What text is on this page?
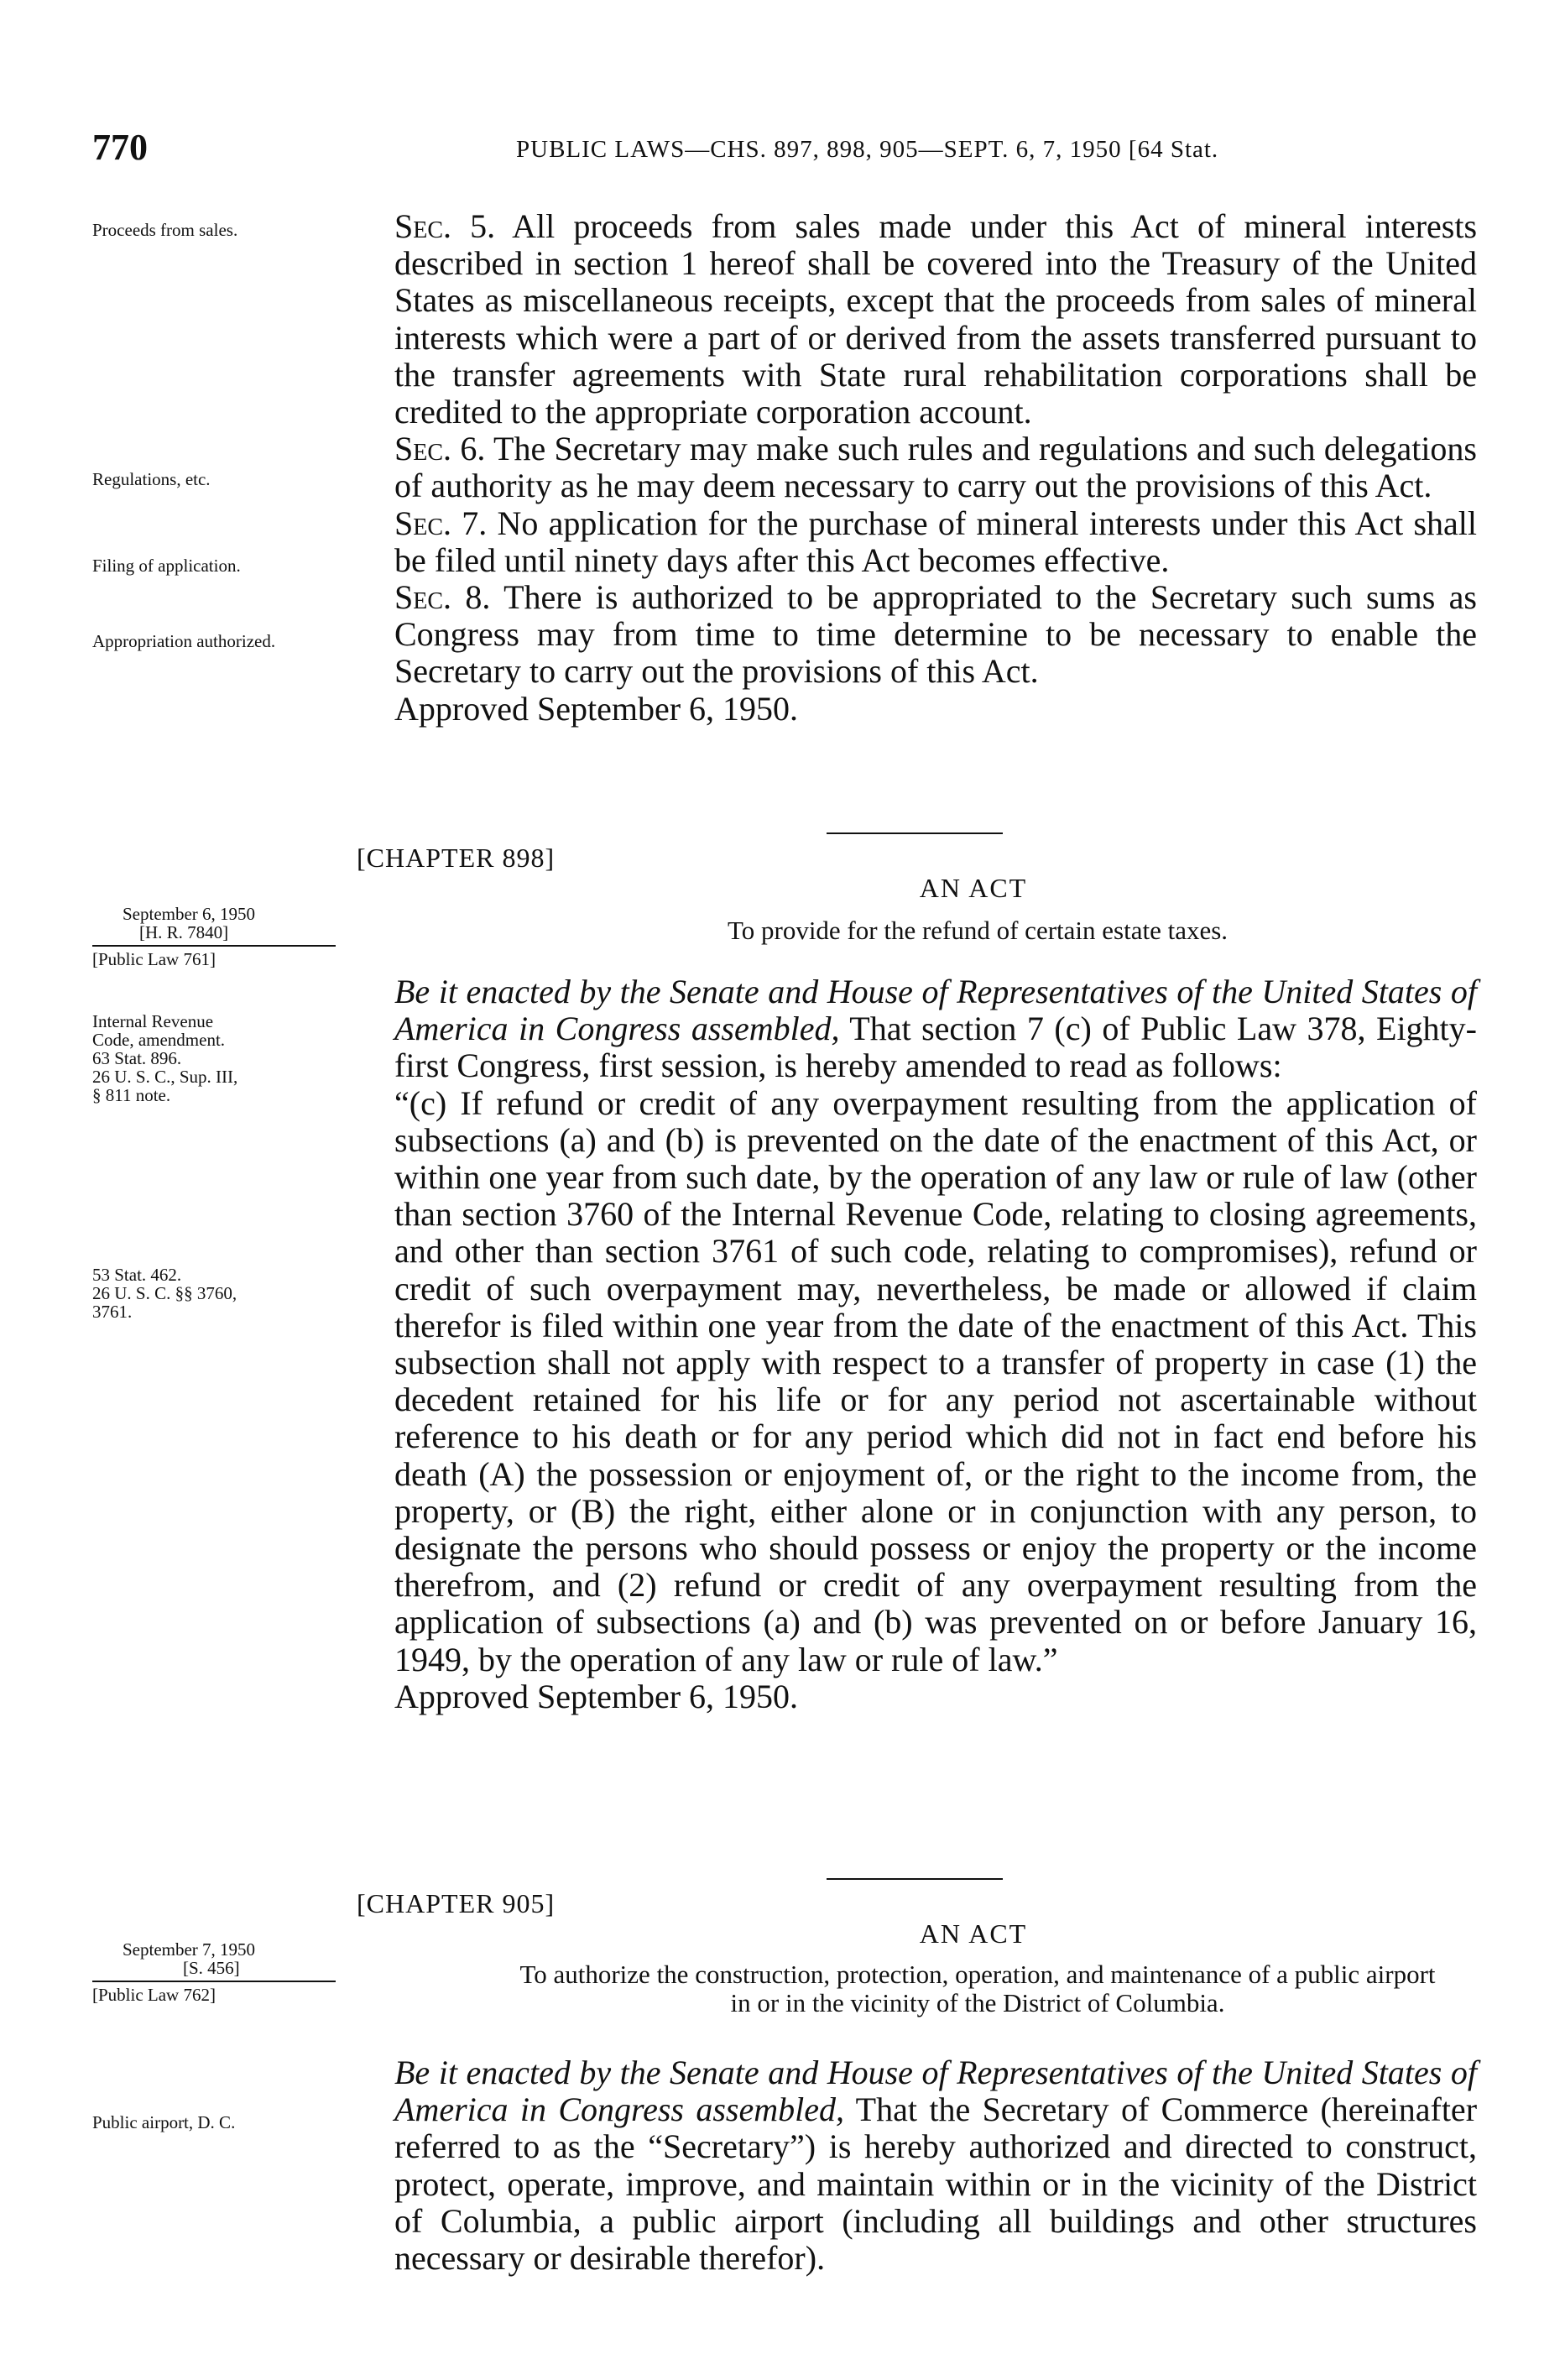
770	PUBLIC LAWS—CHS. 897, 898, 905—SEPT. 6, 7, 1950 [64 Stat.
Proceeds from sales.
Regulations, etc.
Filing of application.
Appropriation authorized.
September 6, 1950
[H. R. 7840]
[Public Law 761]
Internal Revenue
Code, amendment.
63 Stat. 896.
26 U. S. C., Sup. III,
§ 811 note.
53 Stat. 462.
26 U. S. C. §§ 3760,
3761.
September 7, 1950
[S. 456]
[Public Law 762]
Public airport, D. C.

Sec. 5. All proceeds from sales made under this Act of mineral interests described in section 1 hereof shall be covered into the Treasury of the United States as miscellaneous receipts, except that the proceeds from sales of mineral interests which were a part of or derived from the assets transferred pursuant to the transfer agreements with State rural rehabilitation corporations shall be credited to the appropriate corporation account.

Sec. 6. The Secretary may make such rules and regulations and such delegations of authority as he may deem necessary to carry out the provisions of this Act.

Sec. 7. No application for the purchase of mineral interests under this Act shall be filed until ninety days after this Act becomes effective.

Sec. 8. There is authorized to be appropriated to the Secretary such sums as Congress may from time to time determine to be necessary to enable the Secretary to carry out the provisions of this Act.

Approved September 6, 1950.

[CHAPTER 898]
AN ACT
To provide for the refund of certain estate taxes.

Be it enacted by the Senate and House of Representatives of the United States of America in Congress assembled, That section 7 (c) of Public Law 378, Eighty-first Congress, first session, is hereby amended to read as follows:

“(c) If refund or credit of any overpayment resulting from the application of subsections (a) and (b) is prevented on the date of the enactment of this Act, or within one year from such date, by the operation of any law or rule of law (other than section 3760 of the Internal Revenue Code, relating to closing agreements, and other than section 3761 of such code, relating to compromises), refund or credit of such overpayment may, nevertheless, be made or allowed if claim therefor is filed within one year from the date of the enactment of this Act. This subsection shall not apply with respect to a transfer of property in case (1) the decedent retained for his life or for any period not ascertainable without reference to his death or for any period which did not in fact end before his death (A) the possession or enjoyment of, or the right to the income from, the property, or (B) the right, either alone or in conjunction with any person, to designate the persons who should possess or enjoy the property or the income therefrom, and (2) refund or credit of any overpayment resulting from the application of subsections (a) and (b) was prevented on or before January 16, 1949, by the operation of any law or rule of law.”

Approved September 6, 1950.

[CHAPTER 905]
AN ACT
To authorize the construction, protection, operation, and maintenance of a public airport in or in the vicinity of the District of Columbia.

Be it enacted by the Senate and House of Representatives of the United States of America in Congress assembled, That the Secretary of Commerce (hereinafter referred to as the “Secretary”) is hereby authorized and directed to construct, protect, operate, improve, and maintain within or in the vicinity of the District of Columbia, a public airport (including all buildings and other structures necessary or desirable therefor).
